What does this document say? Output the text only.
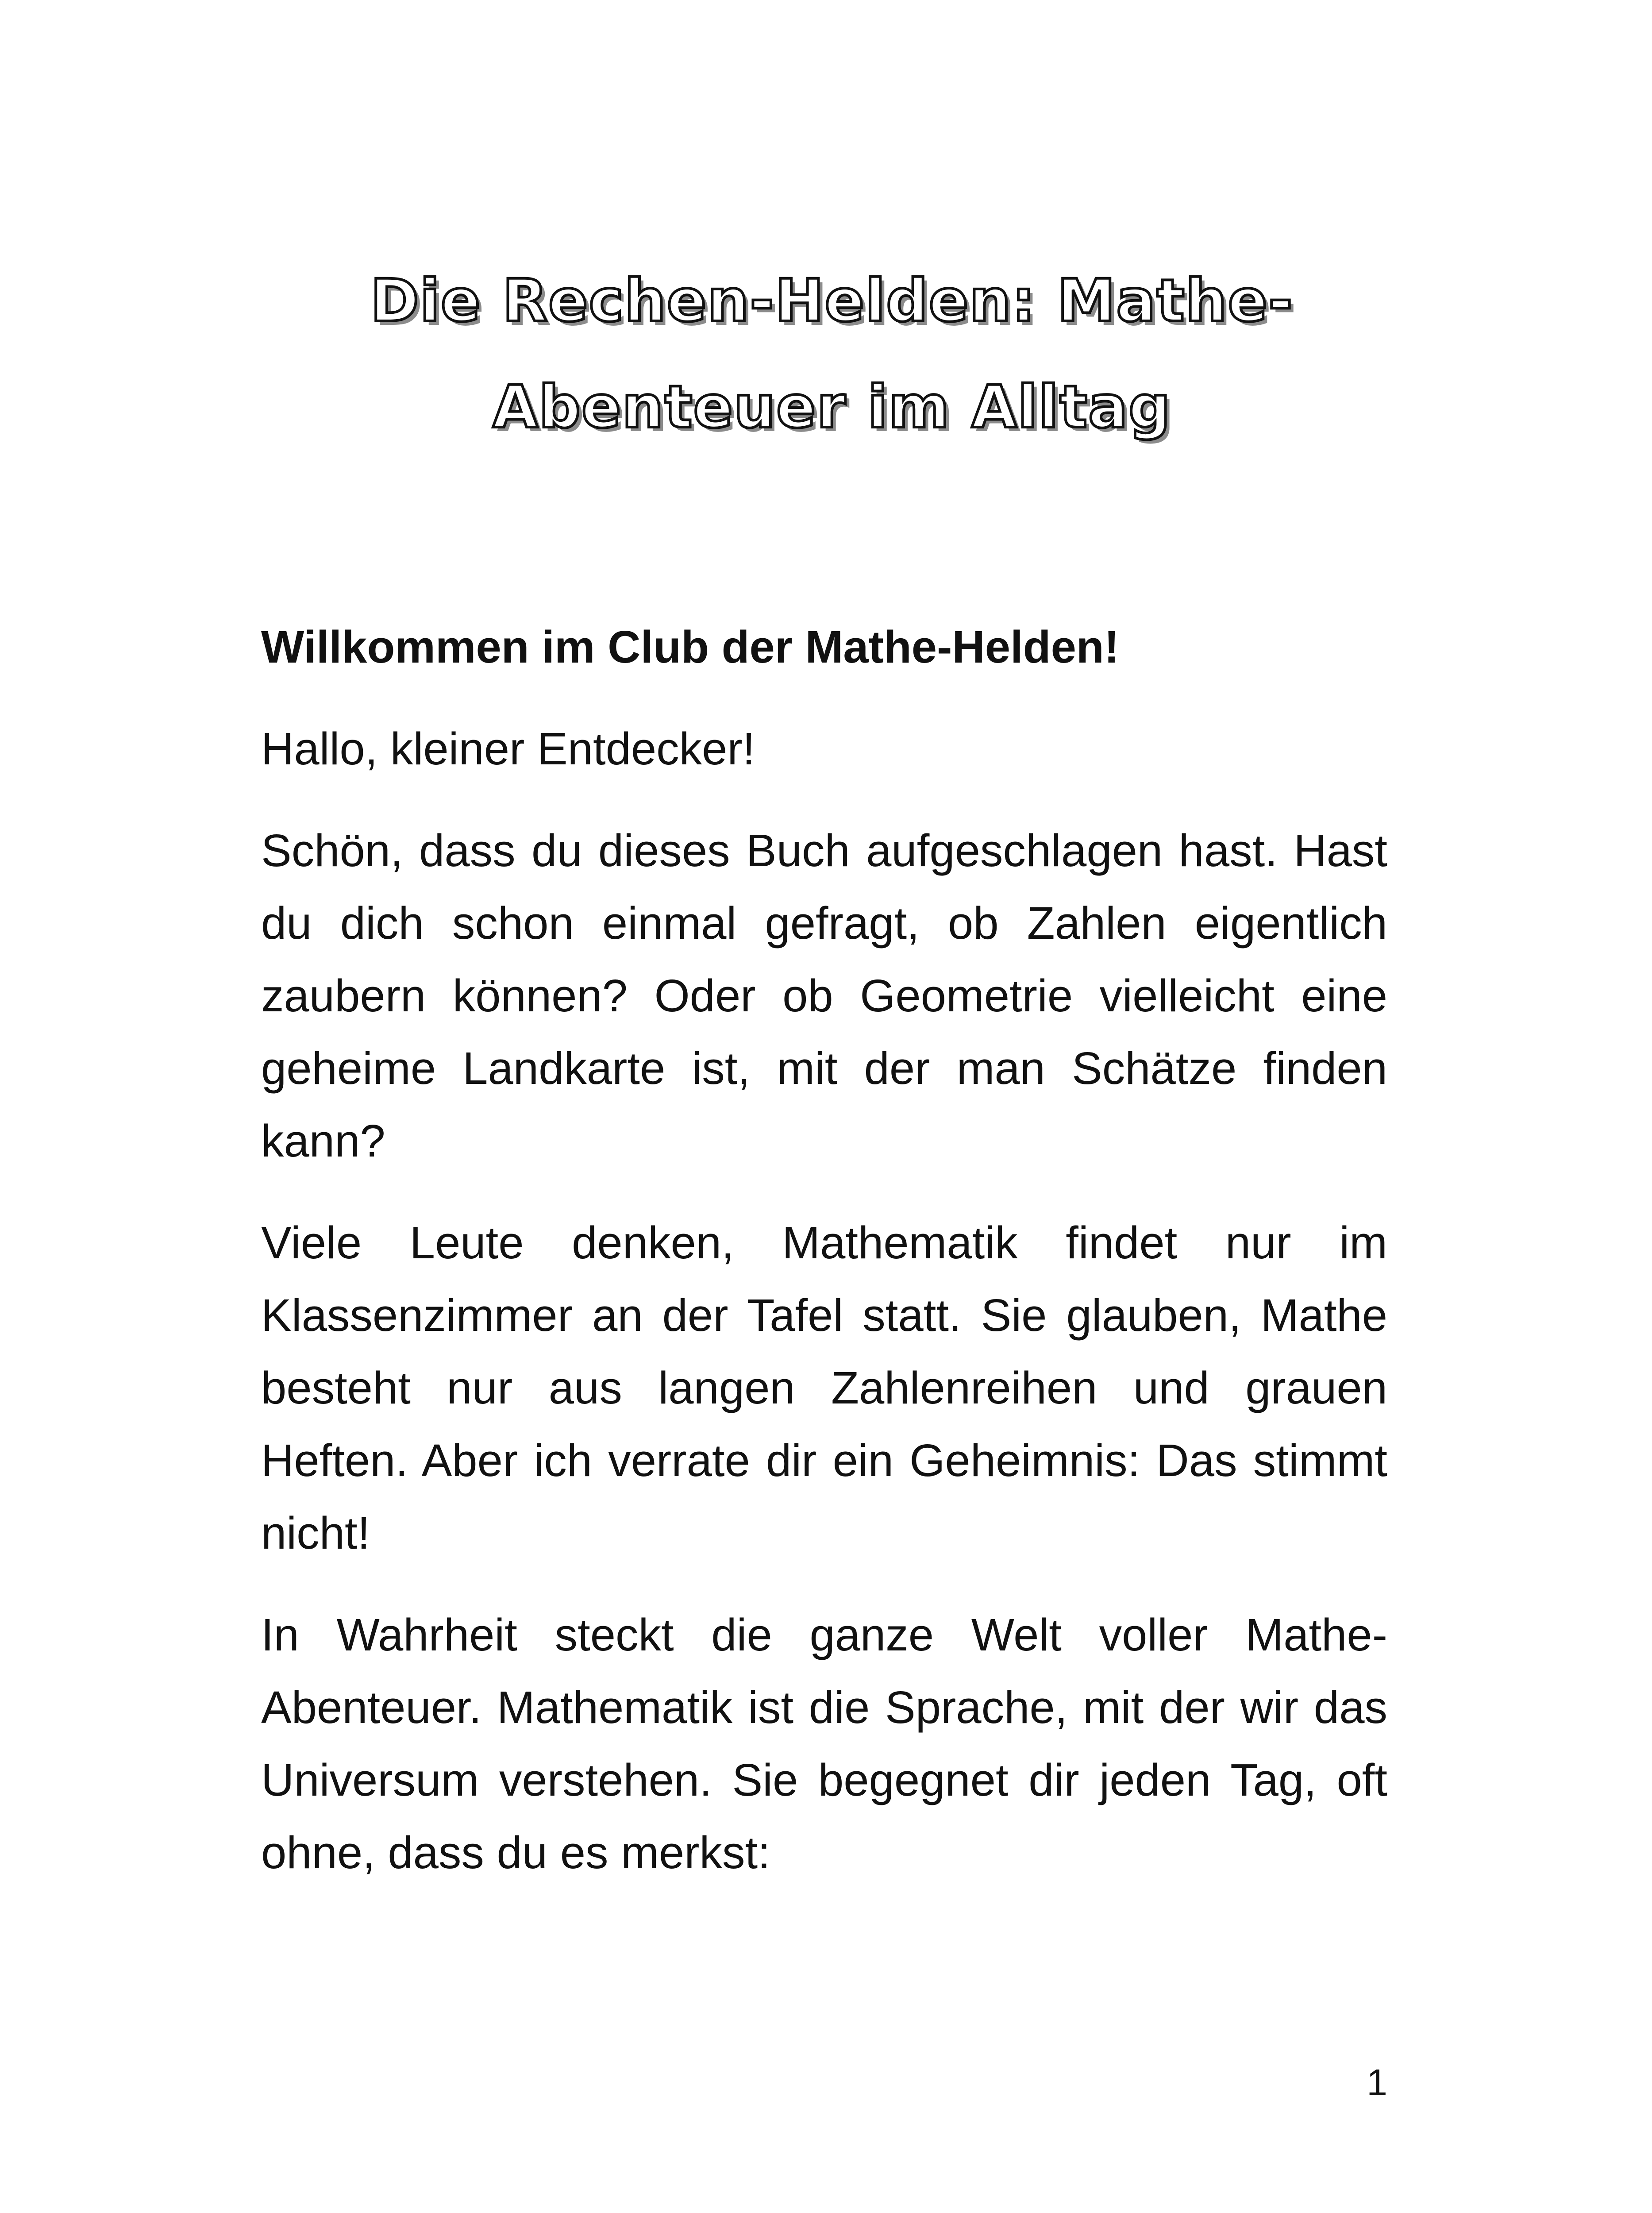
Die Rechen-Helden: Mathe-
Abenteuer im Alltag
Willkommen im Club der Mathe-Helden!

Hallo, kleiner Entdecker!

Schön, dass du dieses Buch aufgeschlagen hast. Hast du dich schon einmal gefragt, ob Zahlen eigentlich zaubern können? Oder ob Geometrie vielleicht eine geheime Landkarte ist, mit der man Schätze finden kann?

Viele Leute denken, Mathematik findet nur im Klassenzimmer an der Tafel statt. Sie glauben, Mathe besteht nur aus langen Zahlenreihen und grauen Heften. Aber ich verrate dir ein Geheimnis: Das stimmt nicht!

In Wahrheit steckt die ganze Welt voller Mathe-Abenteuer. Mathematik ist die Sprache, mit der wir das Universum verstehen. Sie begegnet dir jeden Tag, oft ohne, dass du es merkst:

1
